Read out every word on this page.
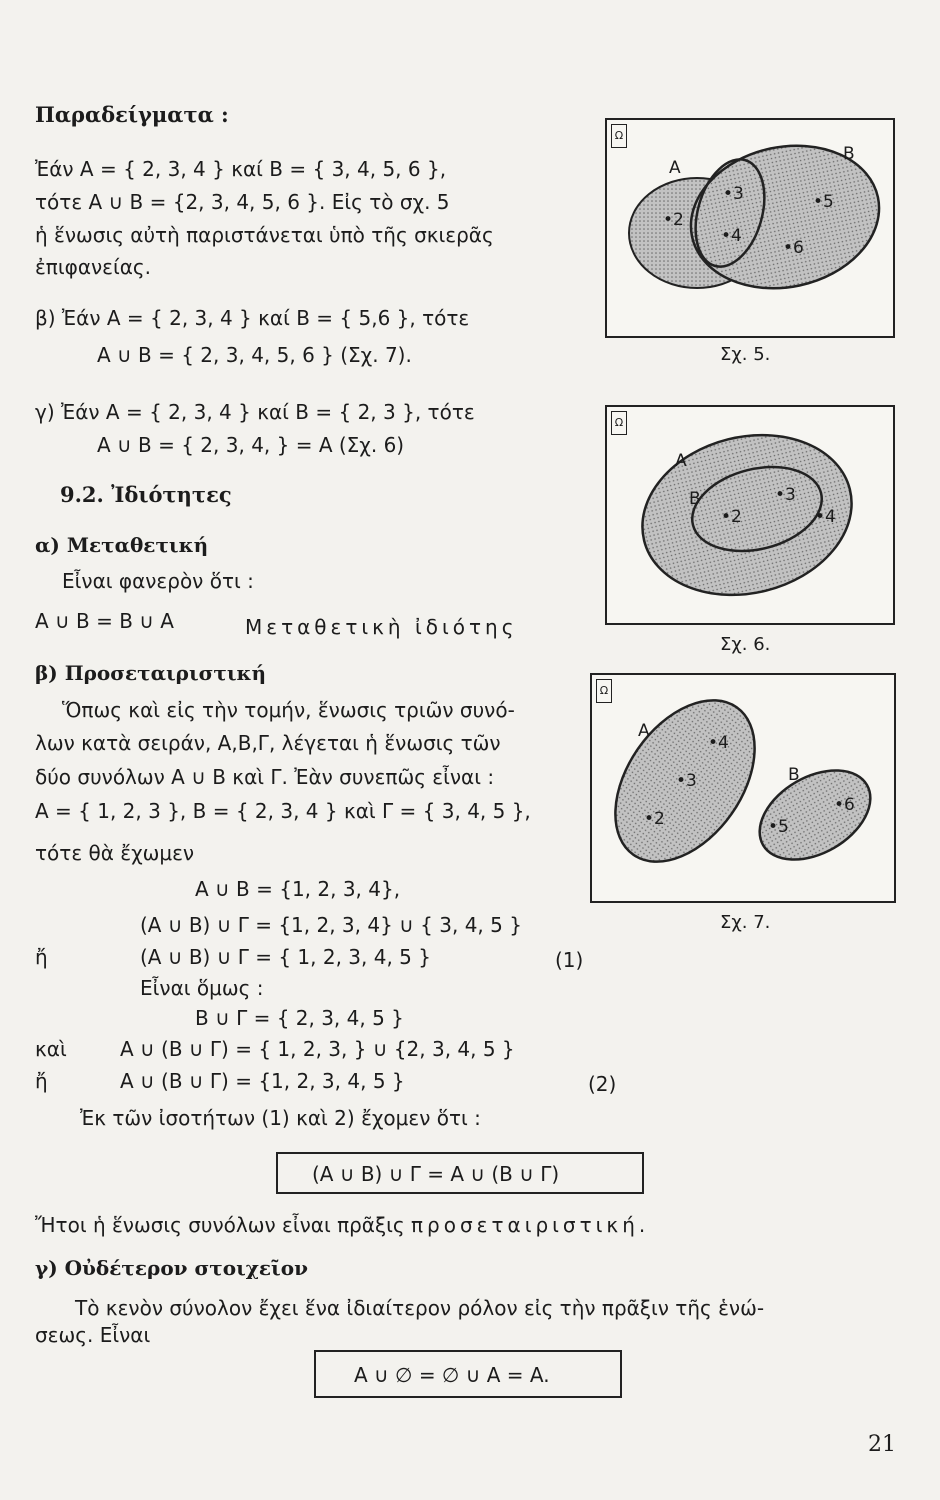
Παραδείγματα :
Ἐάν A = { 2, 3, 4 } καί B = { 3, 4, 5, 6 },
τότε A ∪ B = {2, 3, 4, 5, 6 }. Εἰς τὸ σχ. 5
ἡ ἕνωσις αὐτὴ παριστάνεται ὑπὸ τῆς σκιερᾶς
ἐπιφανείας.
β) Ἐάν A = { 2, 3, 4 } καί B = { 5,6 }, τότε
A ∪ B = { 2, 3, 4, 5, 6 } (Σχ. 7).
γ) Ἐάν A = { 2, 3, 4 } καί B = { 2, 3 }, τότε
A ∪ B = { 2, 3, 4, } = A (Σχ. 6)
9.2. Ἰδιότητες
α) Μεταθετική
Εἶναι φανερὸν ὅτι :
A ∪ B = B ∪ A	Μεταθετικὴ ἰδιότης
β) Προσεταιριστική
Ὅπως καὶ εἰς τὴν τομήν, ἕνωσις τριῶν συνό-
λων κατὰ σειράν, A,B,Γ, λέγεται ἡ ἕνωσις τῶν
δύο συνόλων A ∪ B καὶ Γ. Ἐὰν συνεπῶς εἶναι :
A = { 1, 2, 3 }, B = { 2, 3, 4 } καὶ Γ = { 3, 4, 5 },
τότε θὰ ἔχωμεν
A ∪ B = {1, 2, 3, 4},
(A ∪ B) ∪ Γ = {1, 2, 3, 4} ∪ { 3, 4, 5 }
ἤ	(A ∪ B) ∪ Γ = { 1, 2, 3, 4, 5 }	(1)
Εἶναι ὅμως :
B ∪ Γ = { 2, 3, 4, 5 }
καὶ	A ∪ (B ∪ Γ) = { 1, 2, 3, } ∪ {2, 3, 4, 5 }
ἤ	A ∪ (B ∪ Γ) = {1, 2, 3, 4, 5 }	(2)
Ἐκ τῶν ἰσοτήτων (1) καὶ 2) ἔχομεν ὅτι :
(A ∪ B) ∪ Γ = A ∪ (B ∪ Γ)
Ἤτοι ἡ ἕνωσις συνόλων εἶναι πρᾶξις προσεταιριστική.
γ) Οὐδέτερον στοιχεῖον
Τὸ κενὸν σύνολον ἔχει ἕνα ἰδιαίτερον ρόλον εἰς τὴν πρᾶξιν τῆς ἑνώ-
σεως. Εἶναι
A ∪ ∅ = ∅ ∪ A = A.
Ω
A
B
•2
•3
•4
•5
•6
Σχ. 5.
Ω
A
B
•2
•3
•4
Σχ. 6.
Ω
A
B
•2
•3
•4
•5
•6
Σχ. 7.
21
